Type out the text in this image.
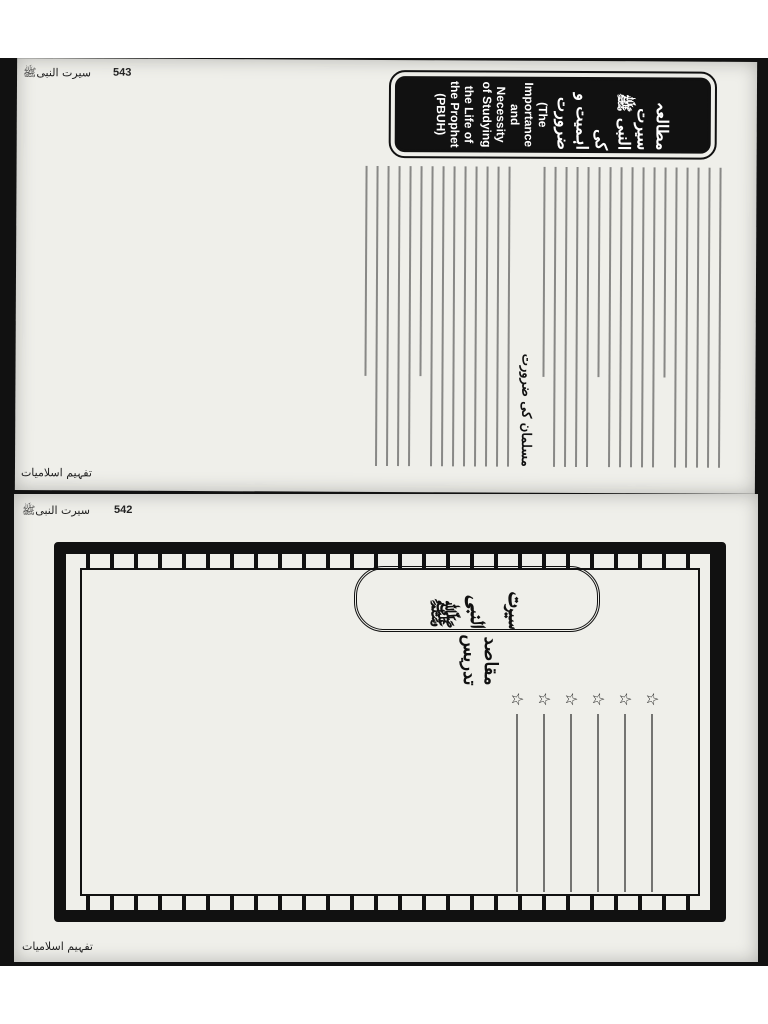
543
سیرت النبیﷺ
تفہیم اسلامیات
مطالعہ سیرت النبی ﷺ کی اہمیت و ضرورت
(The Importance and Necessity of Studying
the Life of the Prophet (PBUH)
مسلمان کی ضرورت
542
سیرت النبیﷺ
تفہیم اسلامیات
سیرت النبی ﷺ
مقاصد تدریس
☆
☆
☆
☆
☆
☆
